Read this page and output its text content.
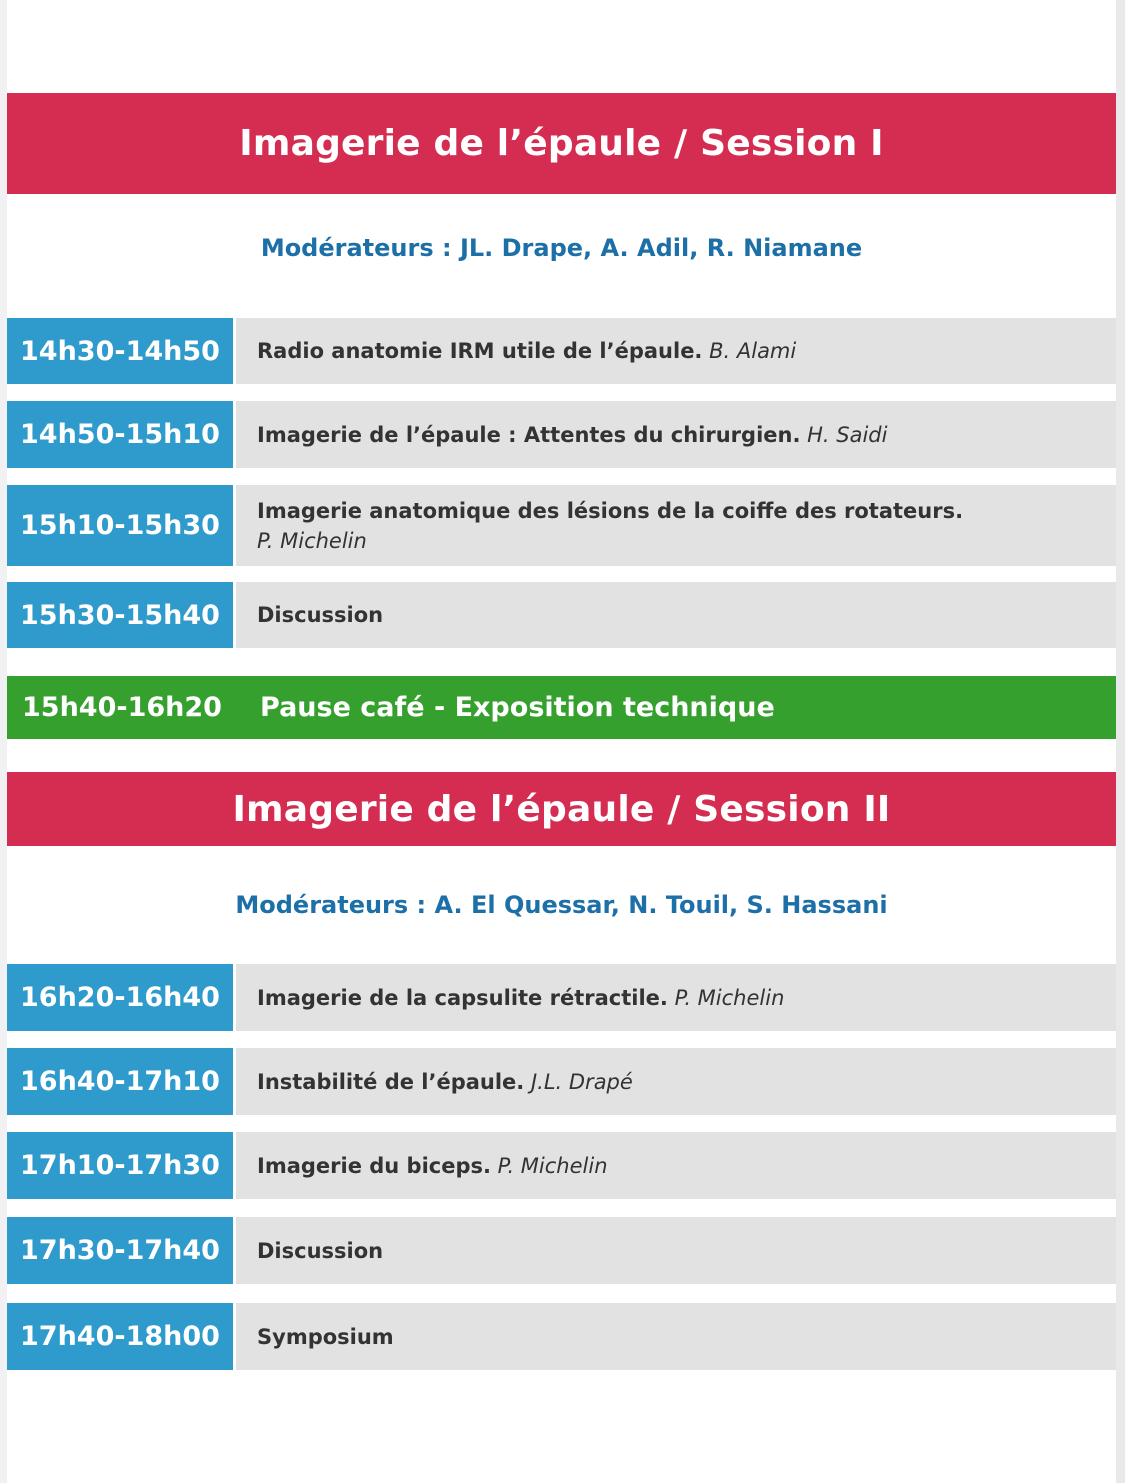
Imagerie de l’épaule / Session I
Modérateurs : JL. Drape, A. Adil, R. Niamane
14h30-14h50	Radio anatomie IRM utile de l’épaule. B. Alami
14h50-15h10	Imagerie de l’épaule : Attentes du chirurgien. H. Saidi
15h10-15h30	Imagerie anatomique des lésions de la coiffe des rotateurs.
P. Michelin
15h30-15h40	Discussion
15h40-16h20 Pause café - Exposition technique
Imagerie de l’épaule / Session II
Modérateurs : A. El Quessar, N. Touil, S. Hassani
16h20-16h40	Imagerie de la capsulite rétractile. P. Michelin
16h40-17h10	Instabilité de l’épaule. J.L. Drapé
17h10-17h30	Imagerie du biceps. P. Michelin
17h30-17h40	Discussion
17h40-18h00	Symposium
